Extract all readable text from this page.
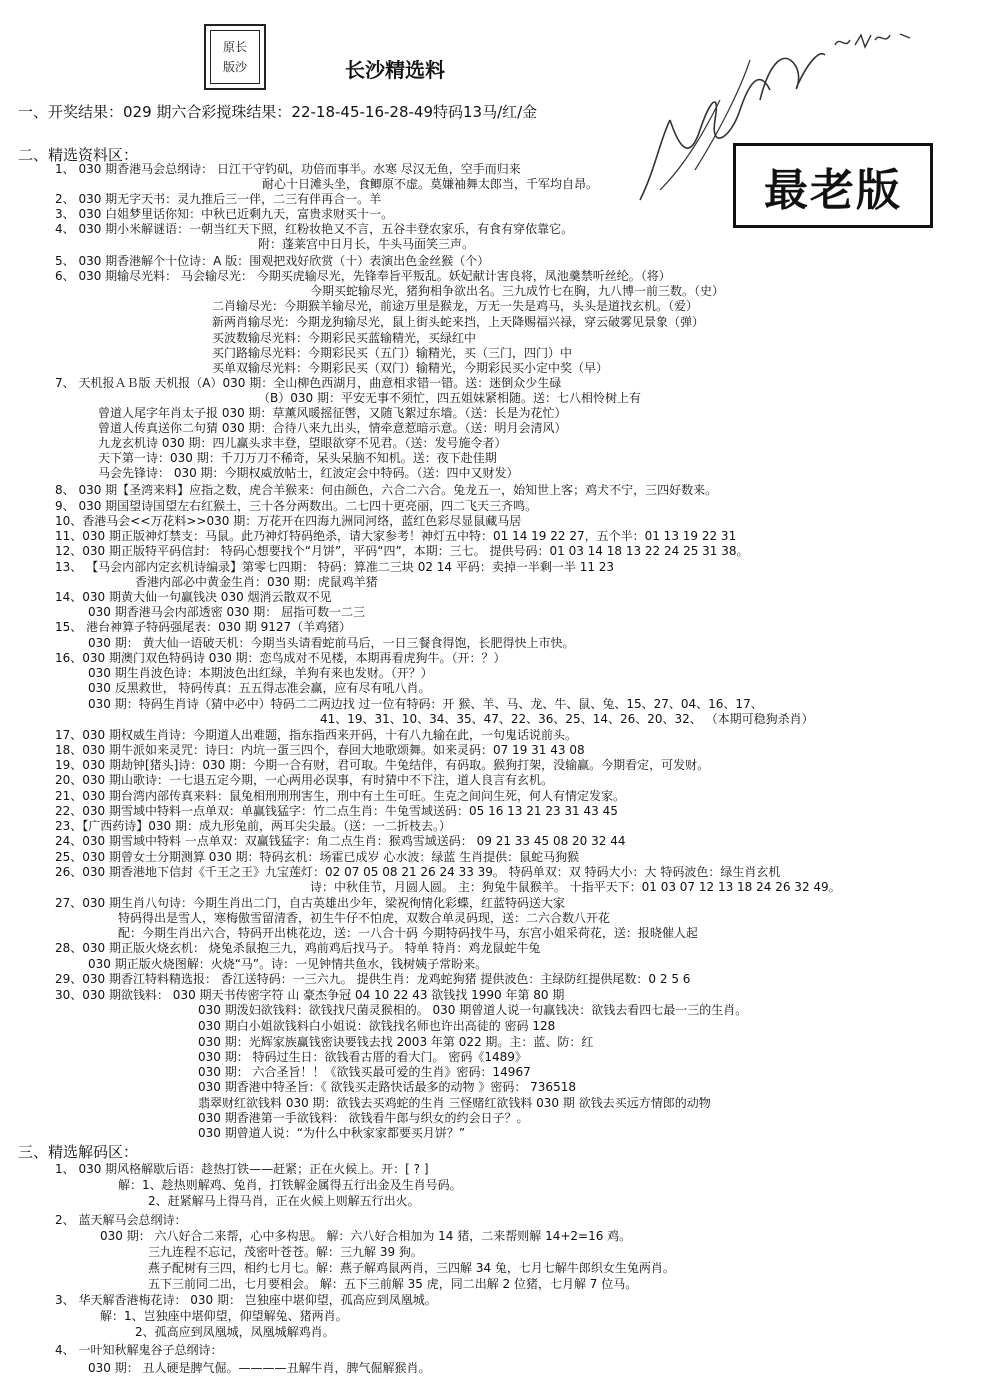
原长
版沙	长沙精选料
最老版
一、开奖结果：029 期六合彩搅珠结果：22-18-45-16-28-49特码13马/红/金
二、精选资料区：
1、 030 期香港马会总纲诗： 日江干守钓矶，功倍而事半。水寒 尽汉无鱼，空手而归来
耐心十日滩头坐，食鲫原不虚。莫嫌袖舞太郎当，千军均自昂。
2、 030 期无字天书：灵九推后三一伴，二三有伴再合一。羊
3、 030 白姐梦里话你知：中秋已近剩九天，富贵求财买十一。
4、 030 期小米解谜语：一朝当红天下照，红粉妆艳又不言，五谷丰登农家乐，有食有穿依靠它。
附：蓬莱宫中日月长，牛头马面笑三声。
5、 030 期香港解个十位诗：A 版：围观把戏好欣赏（十）表演出色金丝猴（个）
6、 030 期输尽光料： 马会输尽光： 今期买虎输尽光，先锋奉旨平叛乱。妖妃献计害良将，凤池羹禁听丝纶。（将）
今期买蛇输尽光，猪狗相争欲出名。三九成竹七在胸，九八博一前三数。（史）
二肖输尽光：今期猴羊输尽光，前途万里是猴龙，万无一失是鸡马，头头是道找玄机。（爱）
新两肖输尽光：今期龙狗输尽光，鼠上街头蛇来挡，上天降赐福兴禄，穿云破雾见景象（弹）
买波数输尽光料：今期彩民买蓝输精光，买绿红中
买门路输尽光料：今期彩民买（五门）输精光，买（三门，四门）中
买单双输尽光料：今期彩民买（双门）输精光，今期彩民买小定中奖（早）
7、 天机报ＡＢ版 天机报（A）030 期：全山柳色西湖月，曲意相求错一错。送：迷倒众少生碌
（B）030 期：平安无事不须忙，四五姐妹紧相随。送：七八相怜树上有
曾道人尾字年肖太子报 030 期：草薰风暖摇征辔，又随飞絮过东墙。（送：长是为花忙）
曾道人传真送你二句猜 030 期：合待八来九出头，情牵意惹暗示意。（送：明月会清风）
九龙玄机诗 030 期：四儿赢头求丰登，望眼欲穿不见君。（送：发号施令者）
天下第一诗：030 期：千刀万刀不稀奇，呆头呆脑不知机。送：夜下赴佳期
马会先锋诗： 030 期：今期权威放帖士，红波定会中特码。（送：四中又财发）
8、 030 期【圣湾来料】应指之数，虎合羊猴来：何由颜色，六合二六合。兔龙五一，始知世上客；鸡犬不宁，三四好数来。
9、 030 期国望诗国望左右红猴土，三十各分两数出。二七四十更亮丽，四二飞天三齐鸣。
10、香港马会<<万花料>>030 期：万花开在四海九洲同河络，蓝红色彩尽显鼠藏马居
11、030 期正版神灯禁支：马鼠。此乃神灯特码绝杀，请大家参考！神灯五中特：01 14 19 22 27，五个半：01 13 19 22 31
12、030 期正版特平码信封： 特码心想要找个“月饼”，平码“四”，本期：三七。 提供号码：01 03 14 18 13 22 24 25 31 38。
13、 【马会内部内定玄机诗编录】第零七四期： 特码：算准二三块 02 14 平码：卖掉一半剩一半 11 23
香港内部必中黄金生肖：030 期：虎鼠鸡羊猪
14、030 期黄大仙一句赢钱决 030 烟消云散双不见
030 期香港马会内部透密 030 期： 屈指可数一二三
15、 港台神算子特码强尾表：030 期 9127（羊鸡猪）
030 期： 黄大仙一语破天机：今期当头请看蛇前马后，一日三餐食得饱，长肥得快上市快。
16、030 期澳门双色特码诗 030 期：恋鸟成对不见楼，本期再看虎狗牛。（开：？）
030 期生肖波色诗：本期波色出红绿，羊狗有来也发财。（开？）
030 反黑救世， 特码传真：五五得志准会赢，应有尽有吼八肖。
030 期：特码生肖诗（猜中必中）特码二二两边找 过一位有特码：开 猴、羊、马、龙、牛、鼠、兔、15、27、04、16、17、
41、19、31、10、34、35、47、22、36、25、14、26、20、32、 （本期可稳狗杀肖）
17、030 期权威生肖诗：今期道人出难题，指东指西来开码，十有八九输在此，一句鬼话说前头。
18、030 期牛派如来灵咒：诗曰：内坑一蛋三四个，春回大地歌颂舞。如来灵码：07 19 31 43 08
19、030 期劫钟[猪头]诗：030 期：今期一合有财，君可取。牛兔结伴，有码取。猴狗打架，没输赢。今期看定，可发财。
20、030 期山歌诗：一七退五定今期，一心两用必误事，有时猜中不下注，道人良言有玄机。
21、030 期台湾内部传真来料：鼠兔相刑刑刑害生，刑中有土生可旺。生克之间问生死，何人有情定发家。
22、030 期雪域中特料一点单双：单赢钱猛字：竹二点生肖：牛兔雪域送码：05 16 13 21 23 31 43 45
23、【广西药诗】030 期：成九形兔前，两耳尖尖最。（送：一二折枝去。）
24、030 期雪域中特料 一点单双：双赢钱猛字：角二点生肖：猴鸡雪域送码： 09 21 33 45 08 20 32 44
25、030 期曾女士分期测算 030 期：特码玄机：场霍已成岁 心水波：绿蓝 生肖提供：鼠蛇马狗猴
26、030 期香港地下信封《千王之王》九宝莲灯：02 07 05 08 21 26 24 33 39。 特码单双：双 特码大小：大 特码波色：绿生肖玄机
诗：中秋佳节，月圆人圆。 主：狗兔牛鼠猴羊。 十指平天下：01 03 07 12 13 18 24 26 32 49。
27、030 期生肖八句诗：今期生肖出二门，自古英雄出少年，梁祝徇情化彩蝶，红蓝特码送大家
特码得出是雪人，寒梅傲雪留清香，初生牛仔不怕虎，双数合单灵码现，送：二六合数八开花
配：今期生肖出六合，特码开出桃花边，送：一八合十码 今期特码找牛马，东宫小姐采荷花，送：报晓催人起
28、030 期正版火烧玄机： 烧兔杀鼠抱三九，鸡前鸡后找马子。 特单 特肖：鸡龙鼠蛇牛兔
030 期正版火烧图解：火烧“马”。诗：一见钟情共鱼水，钱树姨子常盼来。
29、030 期香江特料精选报： 香江送特码：一三六九。 提供生肖：龙鸡蛇狗猪 提供波色：主绿防红提供尾数：0 2 5 6
30、030 期欲钱料： 030 期天书传密字符 山 豪杰争冠 04 10 22 43 欲钱找 1990 年第 80 期
030 期泼妇欲钱料：欲钱找尺菌灵猴相的。 030 期曾道人说一句赢钱决：欲钱去看四七最一三的生肖。
030 期白小姐欲钱料白小姐说：欲钱找名师也许出高徒的 密码 128
030 期：光辉家族赢钱密诀要钱去找 2003 年第 022 期。主：蓝、防：红
030 期： 特码过生日：欲钱看古厝的看大门。 密码《1489》
030 期： 六合圣旨！！《欲钱买最可爱的生肖》密码：14967
030 期香港中特圣旨：《 欲钱买走路快话最多的动物 》密码： 736518
翡翠财红欲钱料 030 期：欲钱去买鸡蛇的生肖 三怪赌红欲钱料 030 期 欲钱去买远方情郎的动物
030 期香港第一手欲钱料： 欲钱看牛郎与织女的约会日子？。
030 期曾道人说：“为什么中秋家家都要买月饼？”
三、精选解码区：
1、 030 期风格解歇后语：趁热打铁——赶紧；正在火候上。开：[ ? ]
解：1、趁热则解鸡、兔肖，打铁解金属得五行出金及生肖号码。
2、赶紧解马上得马肖，正在火候上则解五行出火。
2、 蓝天解马会总纲诗：
030 期： 六八好合二来帮，心中多构思。 解：六八好合相加为 14 猪，二来帮则解 14+2=16 鸡。
三九连程不忘记，茂密叶苍苍。解：三九解 39 狗。
燕子配树有三四，相约七月七。解：燕子解鸡鼠两肖，三四解 34 兔，七月七解牛郎织女生兔两肖。
五下三前同二出，七月要相会。 解：五下三前解 35 虎，同二出解 2 位猪，七月解 7 位马。
3、 华天解香港梅花诗： 030 期： 岂独座中堪仰望，孤高应到凤凰城。
解：1、岂独座中堪仰望，仰望解兔、猪两肖。
2、孤高应到凤凰城，凤凰城解鸡肖。
4、 一叶知秋解鬼谷子总纲诗：
030 期： 丑人硬是脾气倔。————丑解牛肖，脾气倔解猴肖。
